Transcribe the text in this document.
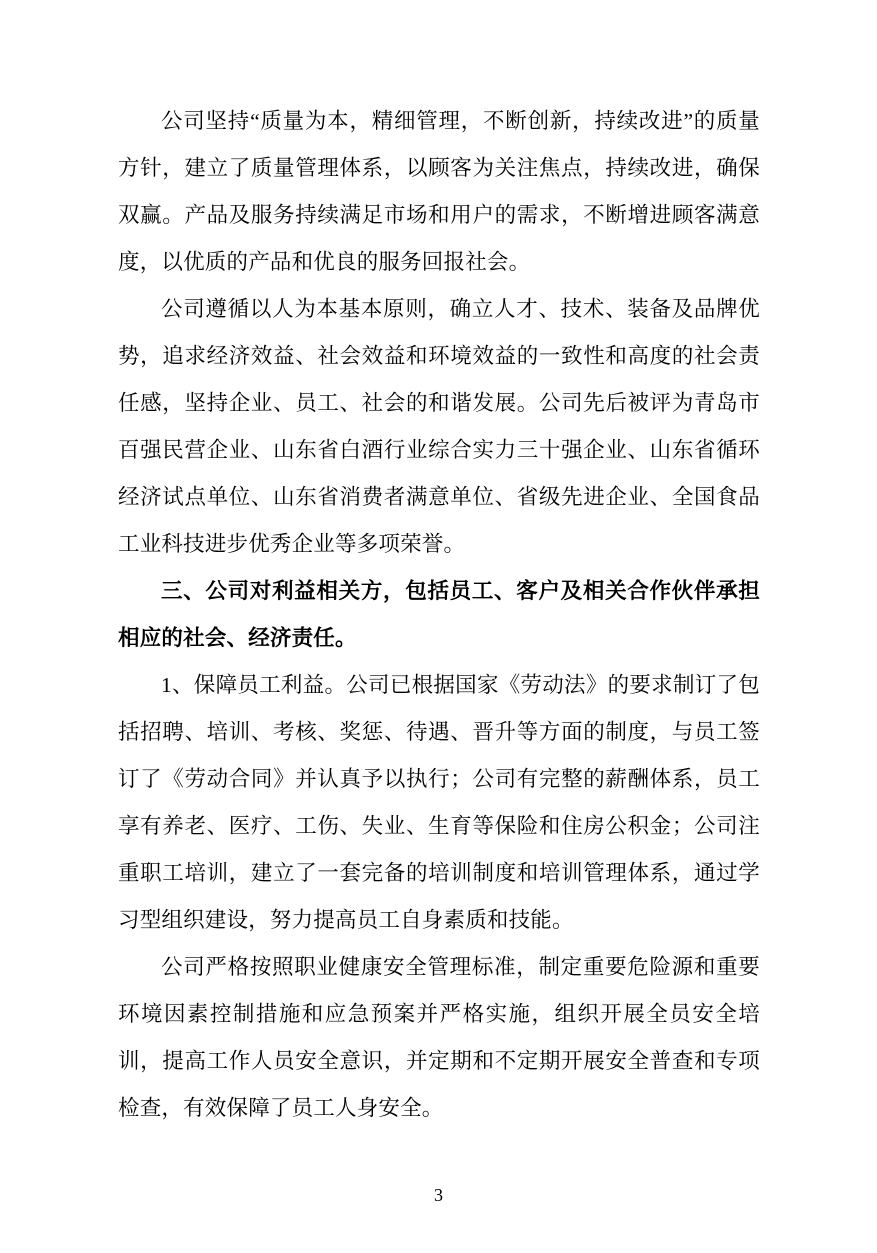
公司坚持“质量为本，精细管理，不断创新，持续改进”的质量方针，建立了质量管理体系，以顾客为关注焦点，持续改进，确保双赢。产品及服务持续满足市场和用户的需求，不断增进顾客满意度，以优质的产品和优良的服务回报社会。

公司遵循以人为本基本原则，确立人才、技术、装备及品牌优势，追求经济效益、社会效益和环境效益的一致性和高度的社会责任感，坚持企业、员工、社会的和谐发展。公司先后被评为青岛市百强民营企业、山东省白酒行业综合实力三十强企业、山东省循环经济试点单位、山东省消费者满意单位、省级先进企业、全国食品工业科技进步优秀企业等多项荣誉。

三、公司对利益相关方，包括员工、客户及相关合作伙伴承担相应的社会、经济责任。

1、保障员工利益。公司已根据国家《劳动法》的要求制订了包括招聘、培训、考核、奖惩、待遇、晋升等方面的制度，与员工签订了《劳动合同》并认真予以执行；公司有完整的薪酬体系，员工享有养老、医疗、工伤、失业、生育等保险和住房公积金；公司注重职工培训，建立了一套完备的培训制度和培训管理体系，通过学习型组织建设，努力提高员工自身素质和技能。

公司严格按照职业健康安全管理标准，制定重要危险源和重要环境因素控制措施和应急预案并严格实施，组织开展全员安全培训，提高工作人员安全意识，并定期和不定期开展安全普查和专项检查，有效保障了员工人身安全。

3
